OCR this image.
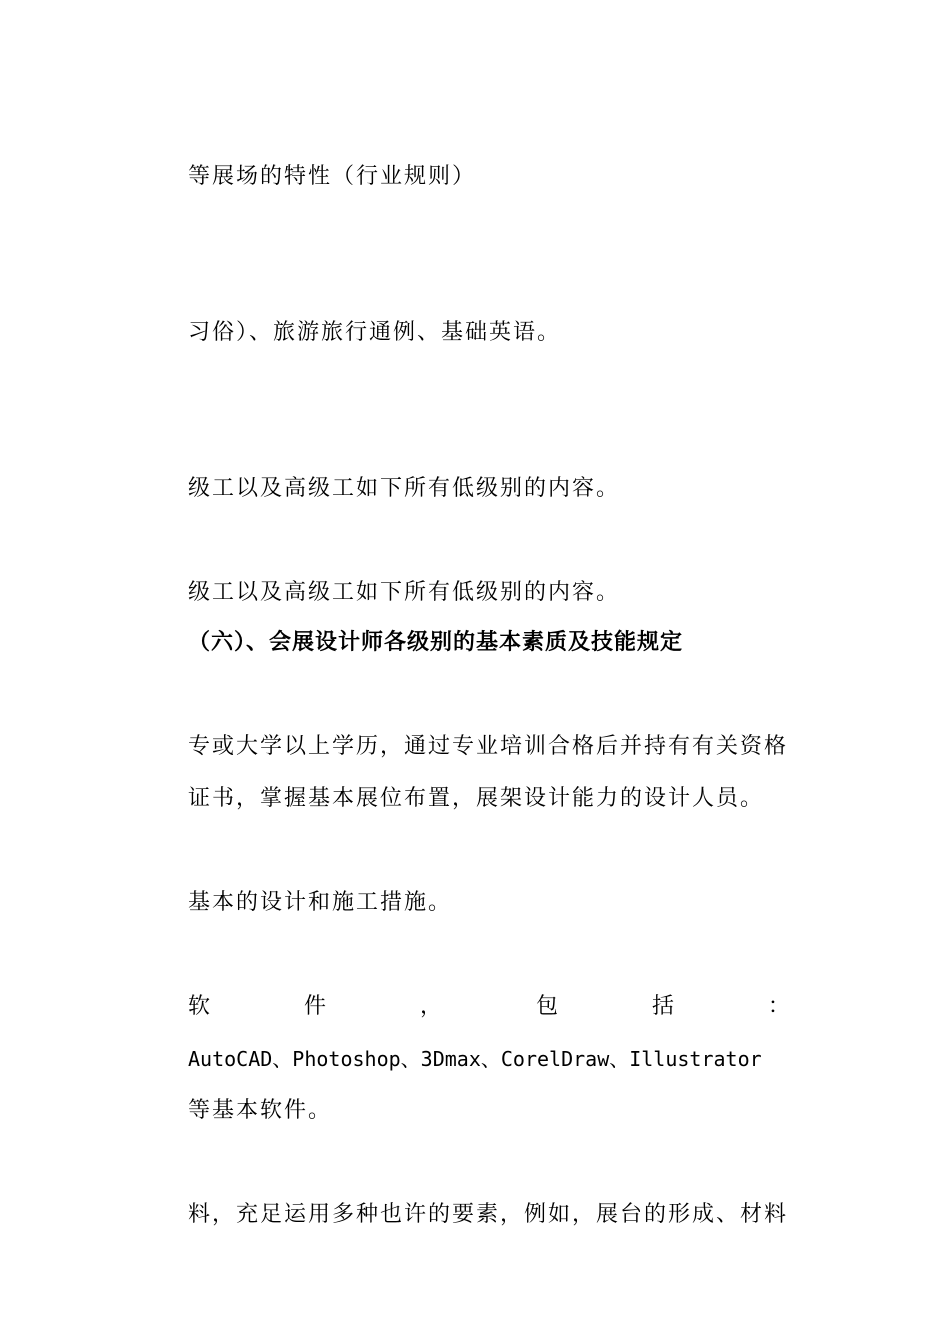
等展场的特性（行业规则）
习俗）、旅游旅行通例、基础英语。
级工以及高级工如下所有低级别的内容。
级工以及高级工如下所有低级别的内容。
（六）、会展设计师各级别的基本素质及技能规定
专或大学以上学历，通过专业培训合格后并持有有关资格
证书，掌握基本展位布置，展架设计能力的设计人员。
基本的设计和施工措施。
软	件	，	包	括	：
AutoCAD、Photoshop、3Dmax、CorelDraw、Illustrator
等基本软件。
料，充足运用多种也许的要素，例如，展台的形成、材料
